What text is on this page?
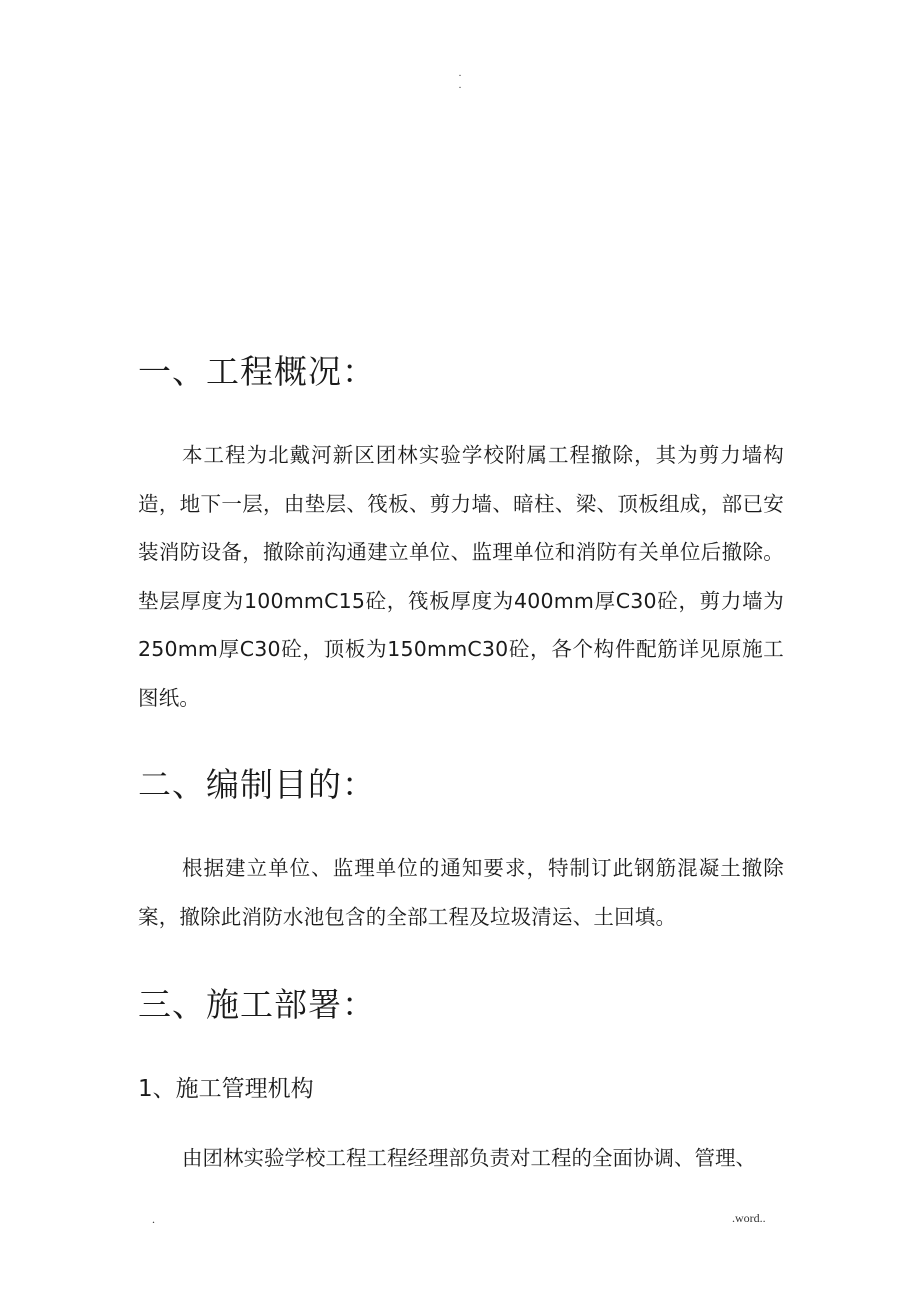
.
.
一、工程概况：

本工程为北戴河新区团林实验学校附属工程撤除，其为剪力墙构造，地下一层，由垫层、筏板、剪力墙、暗柱、梁、顶板组成，部已安装消防设备，撤除前沟通建立单位、监理单位和消防有关单位后撤除。垫层厚度为100mmC15砼，筏板厚度为400mm厚C30砼，剪力墙为250mm厚C30砼，顶板为150mmC30砼，各个构件配筋详见原施工图纸。

二、编制目的：

根据建立单位、监理单位的通知要求，特制订此钢筋混凝土撤除案，撤除此消防水池包含的全部工程及垃圾清运、土回填。

三、施工部署：
1、施工管理机构

由团林实验学校工程工程经理部负责对工程的全面协调、管理、

.	.word..
